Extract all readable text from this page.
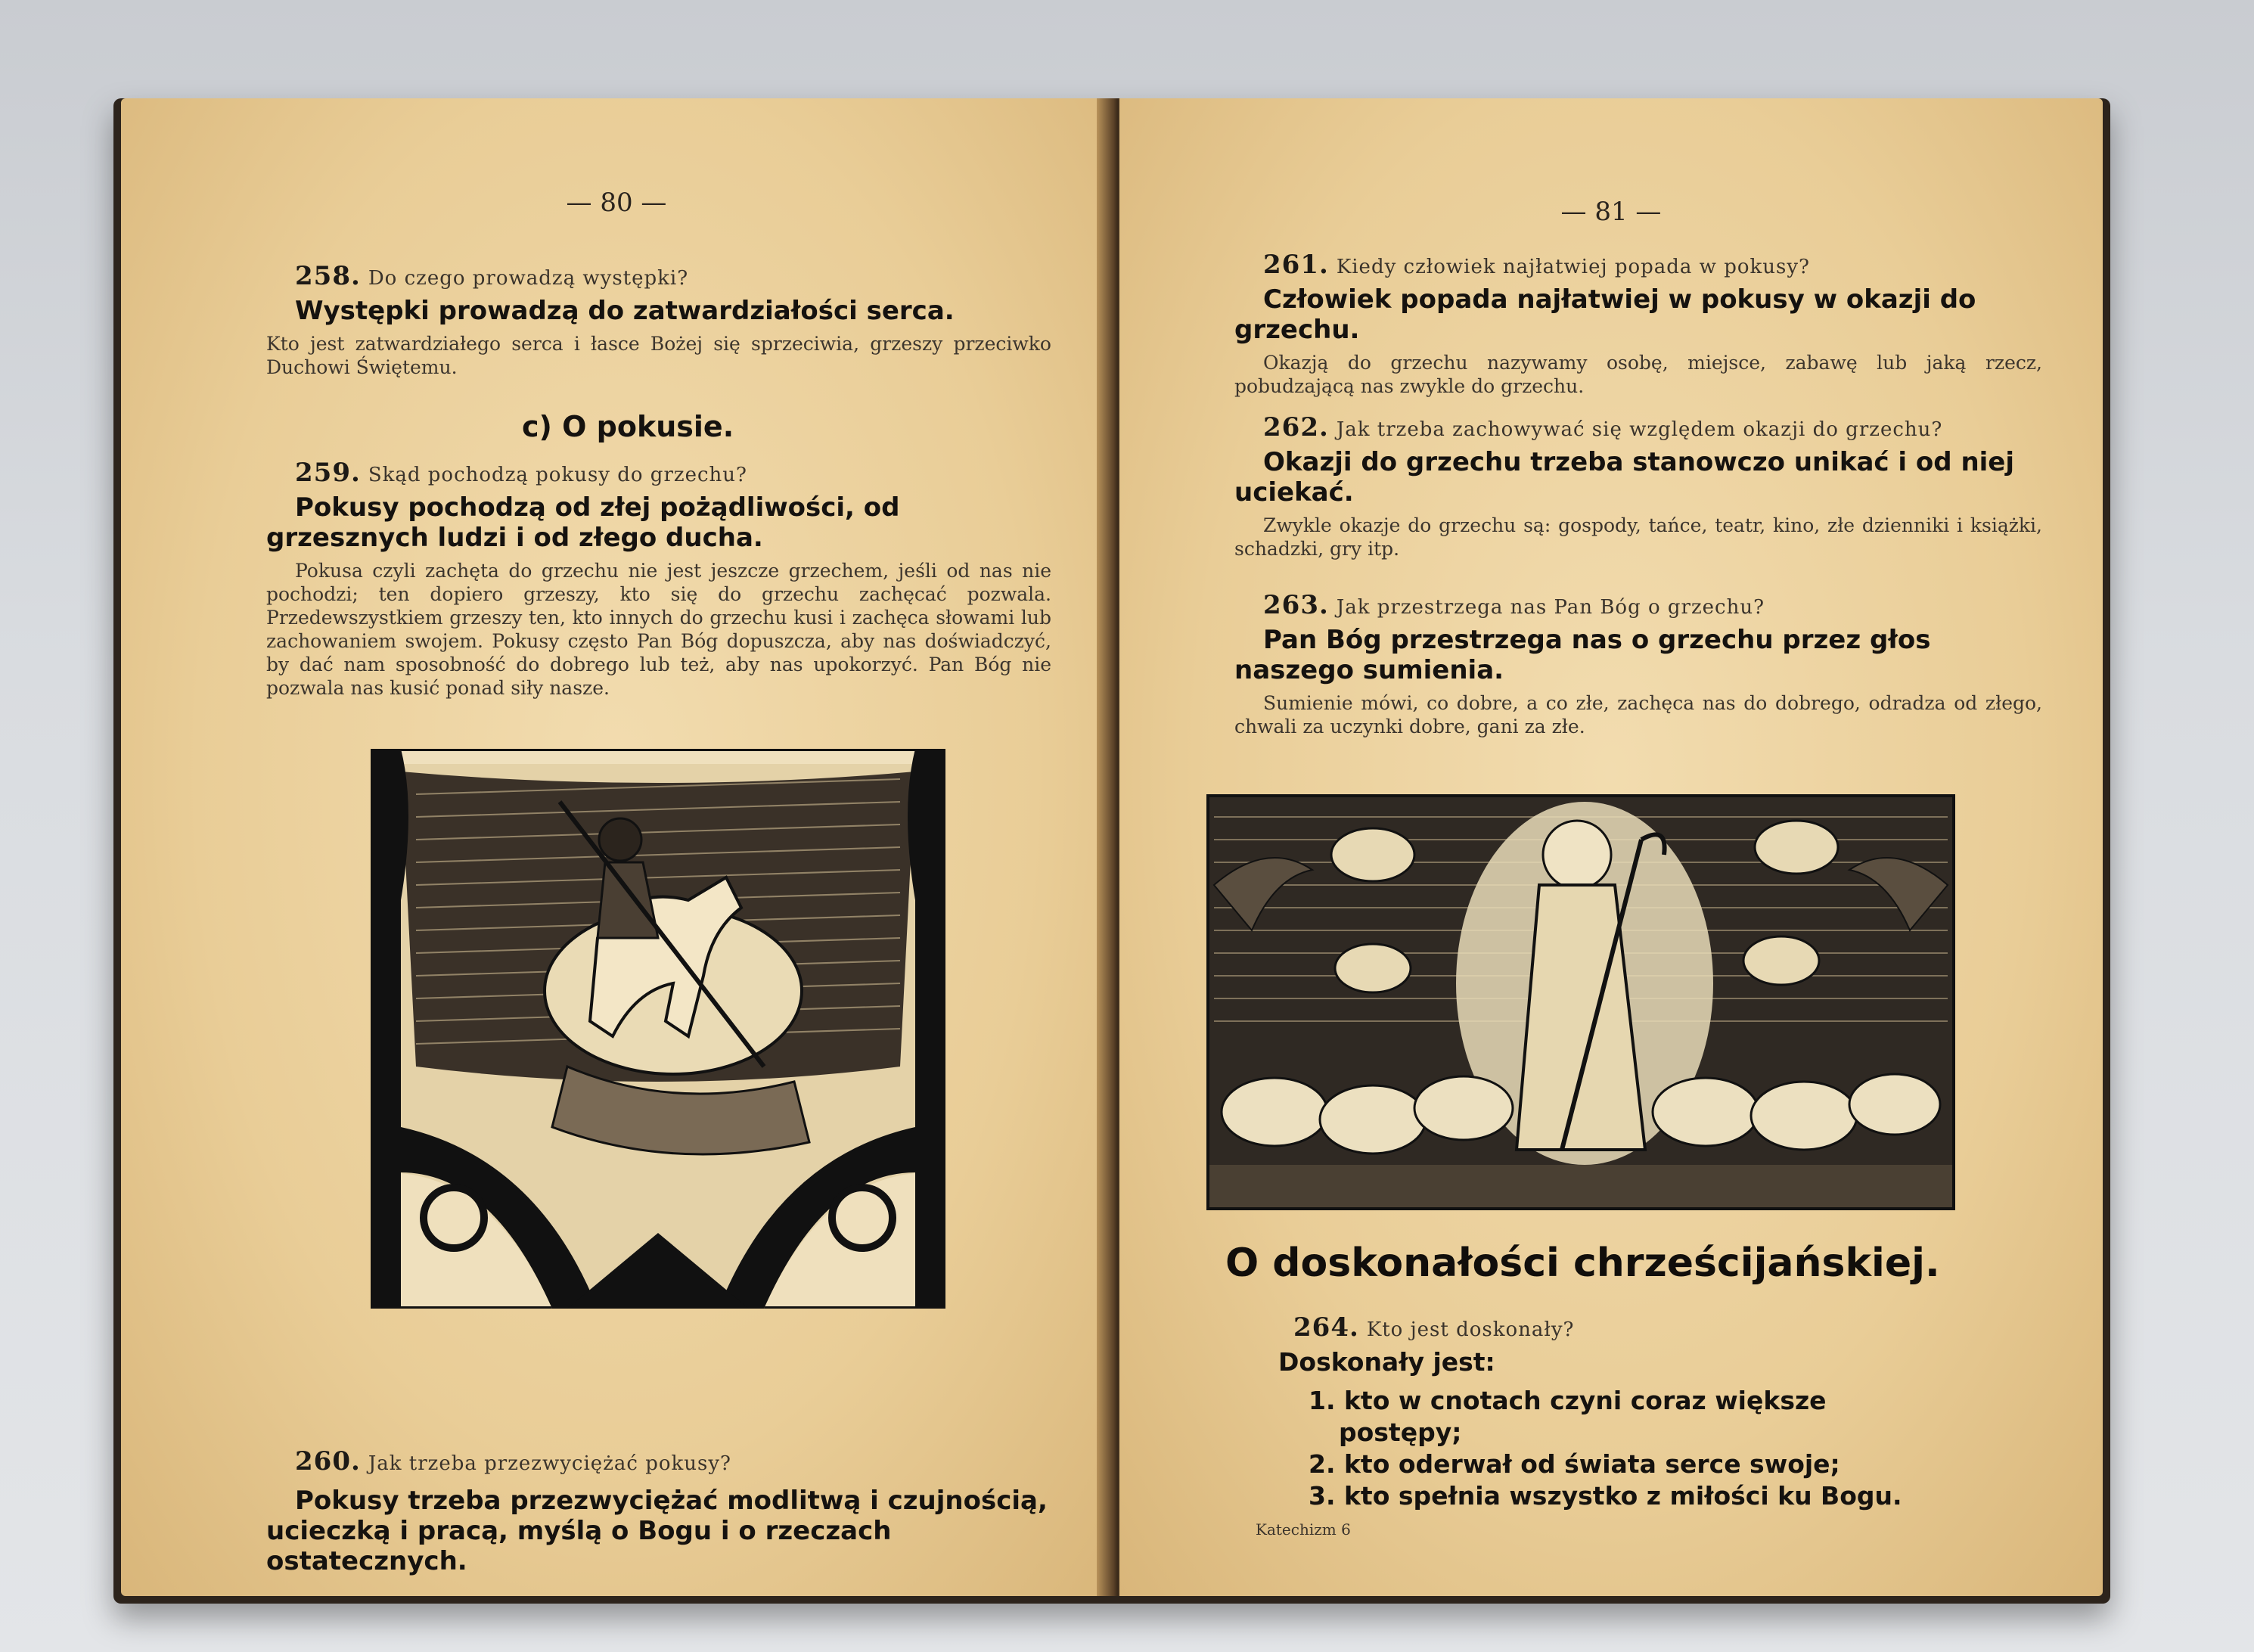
— 80 —
258. Do czego prowadzą występki?
Występki prowadzą do zatwardziałości serca.
Kto jest zatwardziałego serca i łasce Bożej się sprzeciwia, grzeszy przeciwko Duchowi Świętemu.
c) O pokusie.
259. Skąd pochodzą pokusy do grzechu?
Pokusy pochodzą od złej pożądliwości, od grzesznych ludzi i od złego ducha.
Pokusa czyli zachęta do grzechu nie jest jeszcze grzechem, jeśli od nas nie pochodzi; ten dopiero grzeszy, kto się do grzechu zachęcać pozwala. Przedewszystkiem grzeszy ten, kto innych do grzechu kusi i zachęca słowami lub zachowaniem swojem. Pokusy często Pan Bóg dopuszcza, aby nas doświadczyć, by dać nam sposobność do dobrego lub też, aby nas upokorzyć. Pan Bóg nie pozwala nas kusić ponad siły nasze.
260. Jak trzeba przezwyciężać pokusy?
Pokusy trzeba przezwyciężać modlitwą i czujnością, ucieczką i pracą, myślą o Bogu i o rzeczach ostatecznych.
— 81 —
261. Kiedy człowiek najłatwiej popada w pokusy?
Człowiek popada najłatwiej w pokusy w okazji do grzechu.
Okazją do grzechu nazywamy osobę, miejsce, zabawę lub jaką rzecz, pobudzającą nas zwykle do grzechu.
262. Jak trzeba zachowywać się względem okazji do grzechu?
Okazji do grzechu trzeba stanowczo unikać i od niej uciekać.
Zwykle okazje do grzechu są: gospody, tańce, teatr, kino, złe dzienniki i książki, schadzki, gry itp.
263. Jak przestrzega nas Pan Bóg o grzechu?
Pan Bóg przestrzega nas o grzechu przez głos naszego sumienia.
Sumienie mówi, co dobre, a co złe, zachęca nas do dobrego, odradza od złego, chwali za uczynki dobre, gani za złe.
O doskonałości chrześcijańskiej.
264. Kto jest doskonały?
Doskonały jest:
1. kto w cnotach czyni coraz większe postępy;
2. kto oderwał od świata serce swoje;
3. kto spełnia wszystko z miłości ku Bogu.
Katechizm 6
